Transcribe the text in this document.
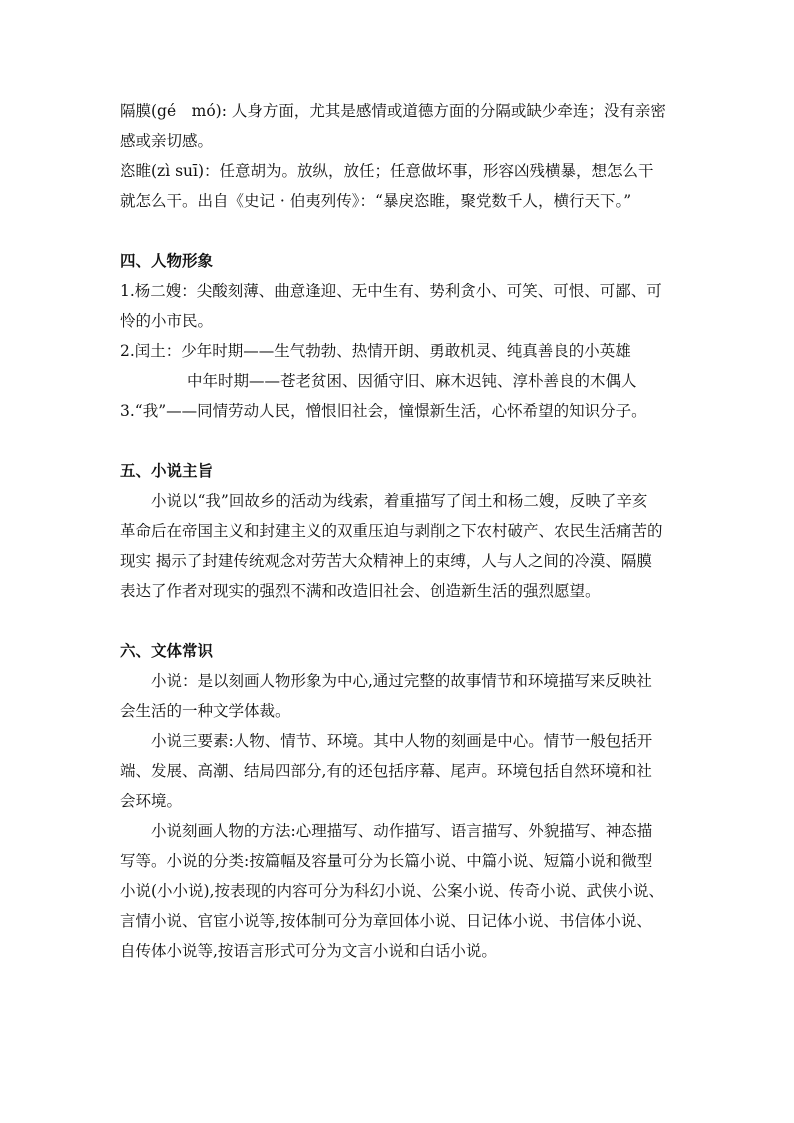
隔膜(gé　mó): 人身方面，尤其是感情或道德方面的分隔或缺少牵连；没有亲密
感或亲切感。
恣睢(zì suī)：任意胡为。放纵，放任；任意做坏事，形容凶残横暴，想怎么干
就怎么干。出自《史记 · 伯夷列传》：“暴戾恣睢，聚党数千人，横行天下。”
四、人物形象
1.杨二嫂：尖酸刻薄、曲意逢迎、无中生有、势利贪小、可笑、可恨、可鄙、可
怜的小市民。
2.闰土：少年时期——生气勃勃、热情开朗、勇敢机灵、纯真善良的小英雄
中年时期——苍老贫困、因循守旧、麻木迟钝、淳朴善良的木偶人
3.“我”——同情劳动人民，憎恨旧社会，憧憬新生活，心怀希望的知识分子。
五、小说主旨
小说以“我”回故乡的活动为线索，着重描写了闰土和杨二嫂，反映了辛亥
革命后在帝国主义和封建主义的双重压迫与剥削之下农村破产、农民生活痛苦的
现实 揭示了封建传统观念对劳苦大众精神上的束缚，人与人之间的冷漠、隔膜
表达了作者对现实的强烈不满和改造旧社会、创造新生活的强烈愿望。
六、文体常识
小说：是以刻画人物形象为中心,通过完整的故事情节和环境描写来反映社
会生活的一种文学体裁。
小说三要素:人物、情节、环境。其中人物的刻画是中心。情节一般包括开
端、发展、高潮、结局四部分,有的还包括序幕、尾声。环境包括自然环境和社
会环境。
小说刻画人物的方法:心理描写、动作描写、语言描写、外貌描写、神态描
写等。小说的分类:按篇幅及容量可分为长篇小说、中篇小说、短篇小说和微型
小说(小小说),按表现的内容可分为科幻小说、公案小说、传奇小说、武侠小说、
言情小说、官宦小说等,按体制可分为章回体小说、日记体小说、书信体小说、
自传体小说等,按语言形式可分为文言小说和白话小说。
